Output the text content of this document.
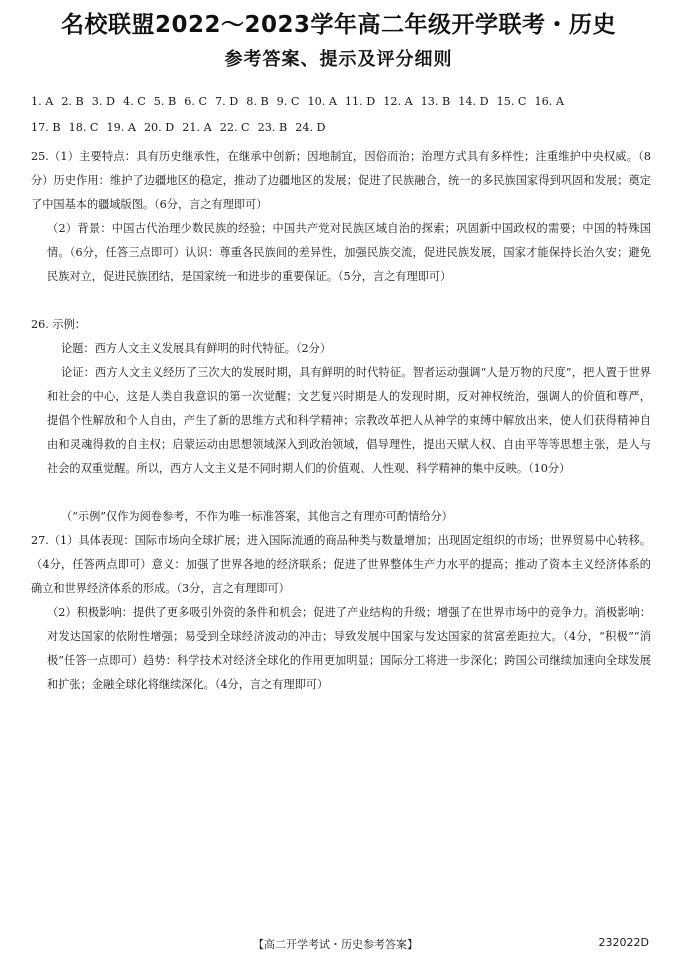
名校联盟2022～2023学年高二年级开学联考・历史
参考答案、提示及评分细则
1. A 2. B 3. D 4. C 5. B 6. C 7. D 8. B 9. C 10. A 11. D 12. A 13. B 14. D 15. C 16. A
17. B 18. C 19. A 20. D 21. A 22. C 23. B 24. D

25.（1）主要特点：具有历史继承性，在继承中创新；因地制宜，因俗而治；治理方式具有多样性；注重维护中央权威。（8分）历史作用：维护了边疆地区的稳定，推动了边疆地区的发展；促进了民族融合，统一的多民族国家得到巩固和发展；奠定了中国基本的疆域版图。（6分，言之有理即可）

（2）背景：中国古代治理少数民族的经验；中国共产党对民族区域自治的探索；巩固新中国政权的需要；中国的特殊国情。（6分，任答三点即可）认识：尊重各民族间的差异性，加强民族交流，促进民族发展，国家才能保持长治久安；避免民族对立，促进民族团结，是国家统一和进步的重要保证。（5分，言之有理即可）

26. 示例：
论题：西方人文主义发展具有鲜明的时代特征。（2分）

论证：西方人文主义经历了三次大的发展时期，具有鲜明的时代特征。智者运动强调“人是万物的尺度”，把人置于世界和社会的中心，这是人类自我意识的第一次觉醒；文艺复兴时期是人的发现时期，反对神权统治，强调人的价值和尊严，提倡个性解放和个人自由，产生了新的思维方式和科学精神；宗教改革把人从神学的束缚中解放出来，使人们获得精神自由和灵魂得救的自主权；启蒙运动由思想领域深入到政治领域，倡导理性，提出天赋人权、自由平等等思想主张，是人与社会的双重觉醒。所以，西方人文主义是不同时期人们的价值观、人性观、科学精神的集中反映。（10分）

（“示例”仅作为阅卷参考，不作为唯一标准答案，其他言之有理亦可酌情给分）

27.（1）具体表现：国际市场向全球扩展；进入国际流通的商品种类与数量增加；出现固定组织的市场；世界贸易中心转移。（4分，任答两点即可）意义：加强了世界各地的经济联系；促进了世界整体生产力水平的提高；推动了资本主义经济体系的确立和世界经济体系的形成。（3分，言之有理即可）

（2）积极影响：提供了更多吸引外资的条件和机会；促进了产业结构的升级；增强了在世界市场中的竞争力。消极影响：对发达国家的依附性增强；易受到全球经济波动的冲击；导致发展中国家与发达国家的贫富差距拉大。（4分，“积极”“消极”任答一点即可）趋势：科学技术对经济全球化的作用更加明显；国际分工将进一步深化；跨国公司继续加速向全球发展和扩张；金融全球化将继续深化。（4分，言之有理即可）

【高二开学考试・历史参考答案】	232022D
